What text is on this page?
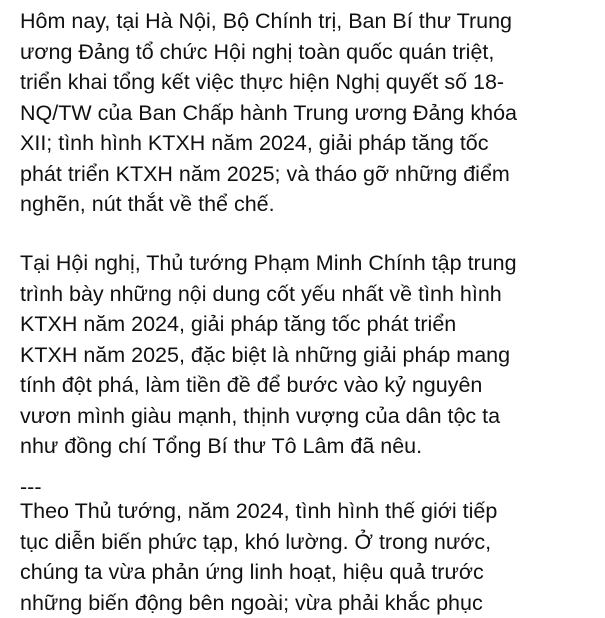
Hôm nay, tại Hà Nội, Bộ Chính trị, Ban Bí thư Trung
ương Đảng tổ chức Hội nghị toàn quốc quán triệt,
triển khai tổng kết việc thực hiện Nghị quyết số 18-
NQ/TW của Ban Chấp hành Trung ương Đảng khóa
XII; tình hình KTXH năm 2024, giải pháp tăng tốc
phát triển KTXH năm 2025; và tháo gỡ những điểm
nghẽn, nút thắt về thể chế.
Tại Hội nghị, Thủ tướng Phạm Minh Chính tập trung
trình bày những nội dung cốt yếu nhất về tình hình
KTXH năm 2024, giải pháp tăng tốc phát triển
KTXH năm 2025, đặc biệt là những giải pháp mang
tính đột phá, làm tiền đề để bước vào kỷ nguyên
vươn mình giàu mạnh, thịnh vượng của dân tộc ta
như đồng chí Tổng Bí thư Tô Lâm đã nêu.
---
Theo Thủ tướng, năm 2024, tình hình thế giới tiếp
tục diễn biến phức tạp, khó lường. Ở trong nước,
chúng ta vừa phản ứng linh hoạt, hiệu quả trước
những biến động bên ngoài; vừa phải khắc phục
